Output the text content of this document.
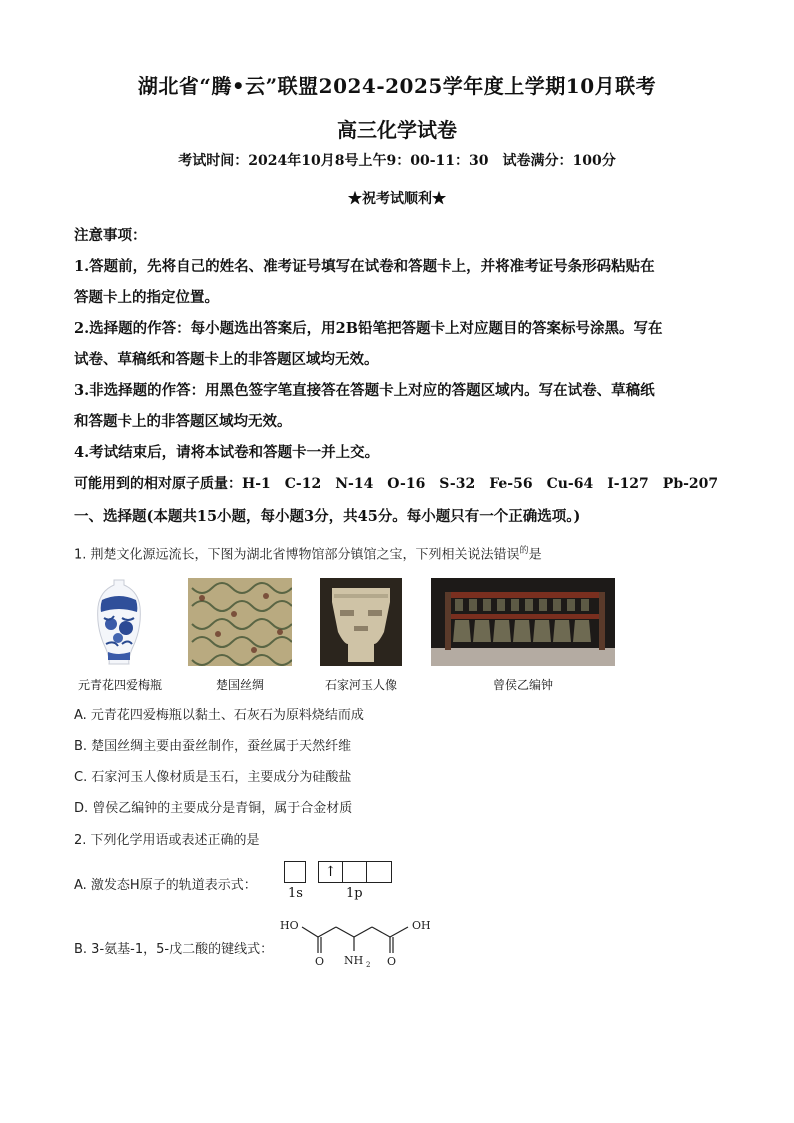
湖北省“腾•云”联盟2024-2025学年度上学期10月联考
高三化学试卷
考试时间：2024年10月8号上午9：00-11：30　试卷满分：100分
★祝考试顺利★
注意事项：
1.答题前，先将自己的姓名、准考证号填写在试卷和答题卡上，并将准考证号条形码粘贴在
答题卡上的指定位置。
2.选择题的作答：每小题选出答案后，用2B铅笔把答题卡上对应题目的答案标号涂黑。写在
试卷、草稿纸和答题卡上的非答题区域均无效。
3.非选择题的作答：用黑色签字笔直接答在答题卡上对应的答题区域内。写在试卷、草稿纸
和答题卡上的非答题区域均无效。
4.考试结束后，请将本试卷和答题卡一并上交。
可能用到的相对原子质量：H-1　C-12　N-14　O-16　S-32　Fe-56　Cu-64　I-127　Pb-207
一、选择题(本题共15小题，每小题3分，共45分。每小题只有一个正确选项。)
1. 荆楚文化源远流长，下图为湖北省博物馆部分镇馆之宝，下列相关说法错误$^的$是
元青花四爱梅瓶	楚国丝绸	石家河玉人像	曾侯乙编钟
A. 元青花四爱梅瓶以黏土、石灰石为原料烧结而成
B. 楚国丝绸主要由蚕丝制作，蚕丝属于天然纤维
C. 石家河玉人像材质是玉石，主要成分为硅酸盐
D. 曾侯乙编钟的主要成分是青铜，属于合金材质
2. 下列化学用语或表述正确的是
A. 激发态H原子的轨道表示式：
↑
1s	1p
B. 3-氨基-1，5-戊二酸的键线式：
HO	OH
O	O
NH 2
